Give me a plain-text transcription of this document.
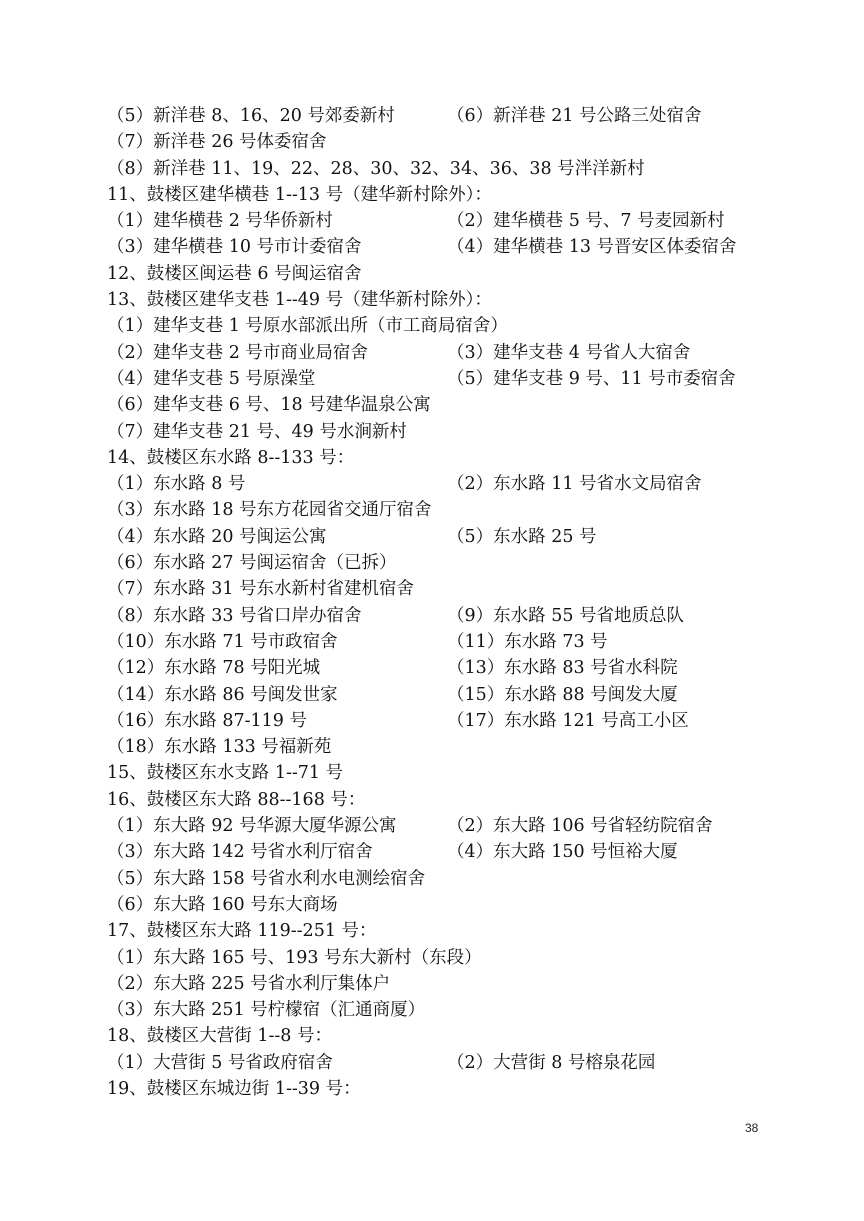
（5）新洋巷 8、16、20 号郊委新村	（6）新洋巷 21 号公路三处宿舍
（7）新洋巷 26 号体委宿舍
（8）新洋巷 11、19、22、28、30、32、34、36、38 号泮洋新村
11、鼓楼区建华横巷 1--13 号（建华新村除外）：
（1）建华横巷 2 号华侨新村	（2）建华横巷 5 号、7 号麦园新村
（3）建华横巷 10 号市计委宿舍	（4）建华横巷 13 号晋安区体委宿舍
12、鼓楼区闽运巷 6 号闽运宿舍
13、鼓楼区建华支巷 1--49 号（建华新村除外）：
（1）建华支巷 1 号原水部派出所（市工商局宿舍）
（2）建华支巷 2 号市商业局宿舍	（3）建华支巷 4 号省人大宿舍
（4）建华支巷 5 号原澡堂	（5）建华支巷 9 号、11 号市委宿舍
（6）建华支巷 6 号、18 号建华温泉公寓
（7）建华支巷 21 号、49 号水涧新村
14、鼓楼区东水路 8--133 号：
（1）东水路 8 号	（2）东水路 11 号省水文局宿舍
（3）东水路 18 号东方花园省交通厅宿舍
（4）东水路 20 号闽运公寓	（5）东水路 25 号
（6）东水路 27 号闽运宿舍（已拆）
（7）东水路 31 号东水新村省建机宿舍
（8）东水路 33 号省口岸办宿舍	（9）东水路 55 号省地质总队
（10）东水路 71 号市政宿舍	（11）东水路 73 号
（12）东水路 78 号阳光城	（13）东水路 83 号省水科院
（14）东水路 86 号闽发世家	（15）东水路 88 号闽发大厦
（16）东水路 87-119 号	（17）东水路 121 号高工小区
（18）东水路 133 号福新苑
15、鼓楼区东水支路 1--71 号
16、鼓楼区东大路 88--168 号：
（1）东大路 92 号华源大厦华源公寓	（2）东大路 106 号省轻纺院宿舍
（3）东大路 142 号省水利厅宿舍	（4）东大路 150 号恒裕大厦
（5）东大路 158 号省水利水电测绘宿舍
（6）东大路 160 号东大商场
17、鼓楼区东大路 119--251 号：
（1）东大路 165 号、193 号东大新村（东段）
（2）东大路 225 号省水利厅集体户
（3）东大路 251 号柠檬宿（汇通商厦）
18、鼓楼区大营街 1--8 号：
（1）大营街 5 号省政府宿舍	（2）大营街 8 号榕泉花园
19、鼓楼区东城边街 1--39 号：
38
